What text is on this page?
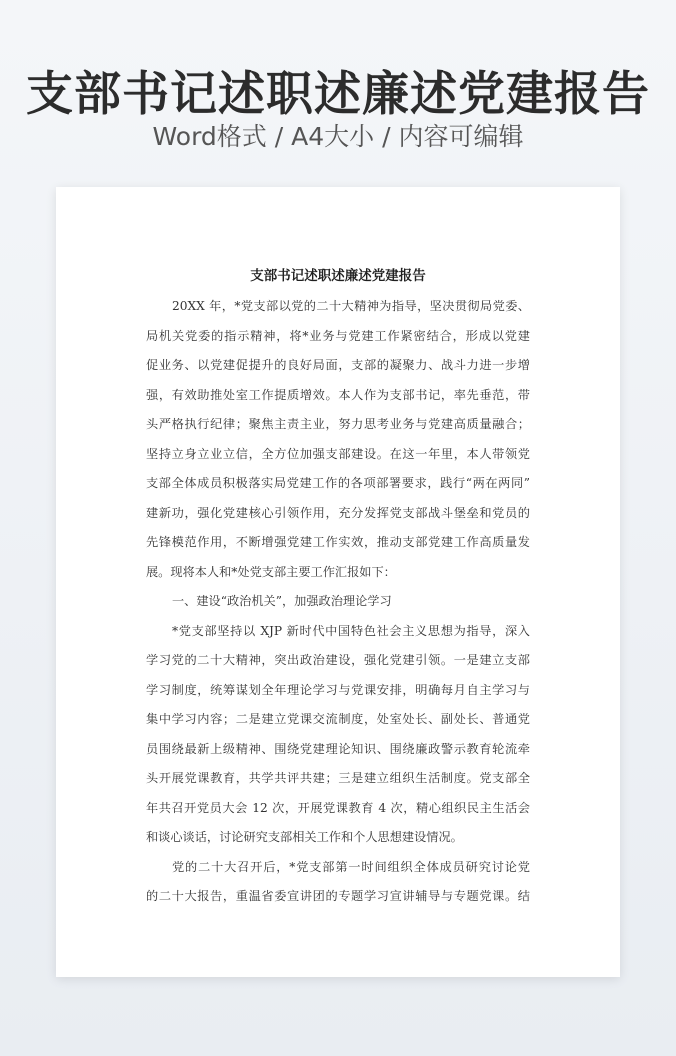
支部书记述职述廉述党建报告
Word格式 / A4大小 / 内容可编辑
支部书记述职述廉述党建报告
20XX 年，*党支部以党的二十大精神为指导，坚决贯彻局党委、
局机关党委的指示精神，将*业务与党建工作紧密结合，形成以党建
促业务、以党建促提升的良好局面，支部的凝聚力、战斗力进一步增
强，有效助推处室工作提质增效。本人作为支部书记，率先垂范，带
头严格执行纪律；聚焦主责主业，努力思考业务与党建高质量融合；
坚持立身立业立信，全方位加强支部建设。在这一年里，本人带领党
支部全体成员积极落实局党建工作的各项部署要求，践行“两在两同”
建新功，强化党建核心引领作用，充分发挥党支部战斗堡垒和党员的
先锋模范作用，不断增强党建工作实效，推动支部党建工作高质量发
展。现将本人和*处党支部主要工作汇报如下：
一、建设“政治机关”，加强政治理论学习
*党支部坚持以 XJP 新时代中国特色社会主义思想为指导，深入
学习党的二十大精神，突出政治建设，强化党建引领。一是建立支部
学习制度，统筹谋划全年理论学习与党课安排，明确每月自主学习与
集中学习内容；二是建立党课交流制度，处室处长、副处长、普通党
员围绕最新上级精神、围绕党建理论知识、围绕廉政警示教育轮流牵
头开展党课教育，共学共评共建；三是建立组织生活制度。党支部全
年共召开党员大会 12 次，开展党课教育 4 次，精心组织民主生活会
和谈心谈话，讨论研究支部相关工作和个人思想建设情况。
党的二十大召开后，*党支部第一时间组织全体成员研究讨论党
的二十大报告，重温省委宣讲团的专题学习宣讲辅导与专题党课。结
